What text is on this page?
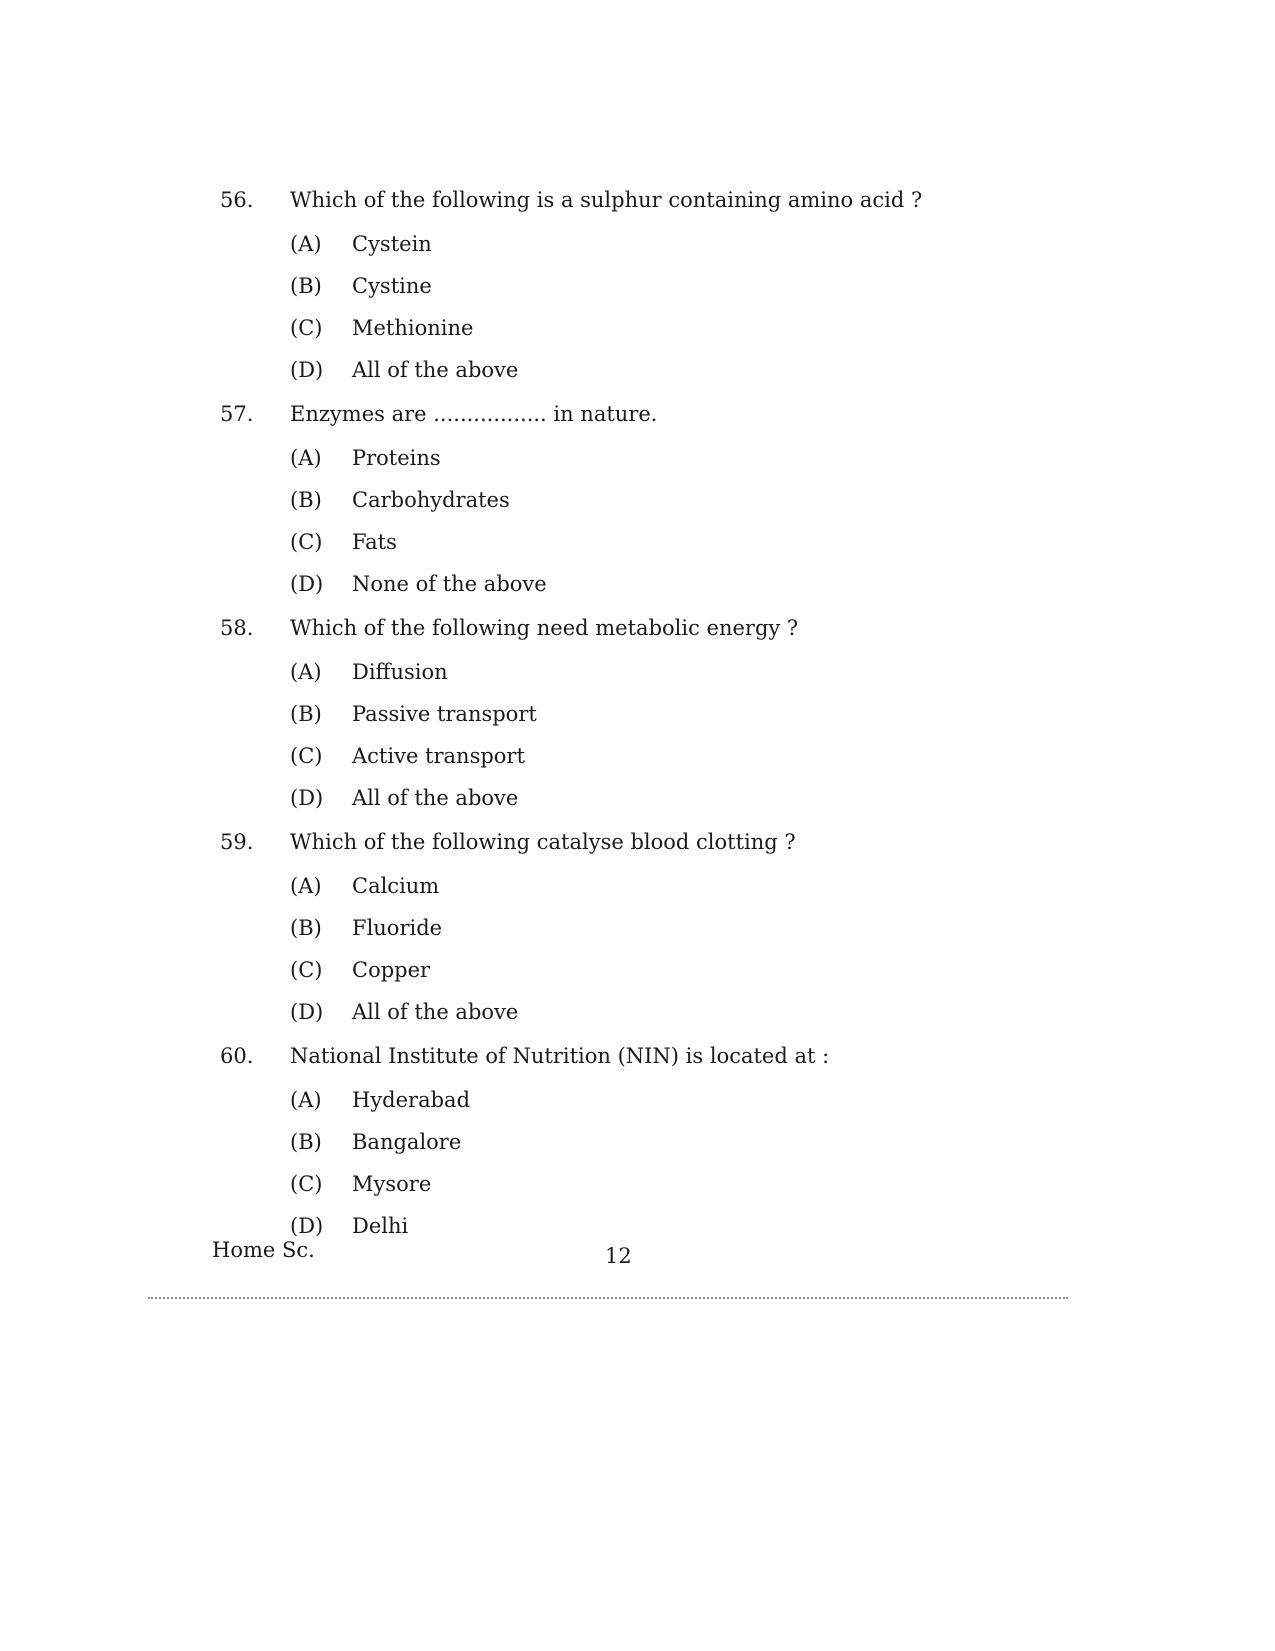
56.	Which of the following is a sulphur containing amino acid ?
(A)	Cystein
(B)	Cystine
(C)	Methionine
(D)	All of the above
57.	Enzymes are ................. in nature.
(A)	Proteins
(B)	Carbohydrates
(C)	Fats
(D)	None of the above
58.	Which of the following need metabolic energy ?
(A)	Diffusion
(B)	Passive transport
(C)	Active transport
(D)	All of the above
59.	Which of the following catalyse blood clotting ?
(A)	Calcium
(B)	Fluoride
(C)	Copper
(D)	All of the above
60.	National Institute of Nutrition (NIN) is located at :
(A)	Hyderabad
(B)	Bangalore
(C)	Mysore
(D)	Delhi
Home Sc.	12
